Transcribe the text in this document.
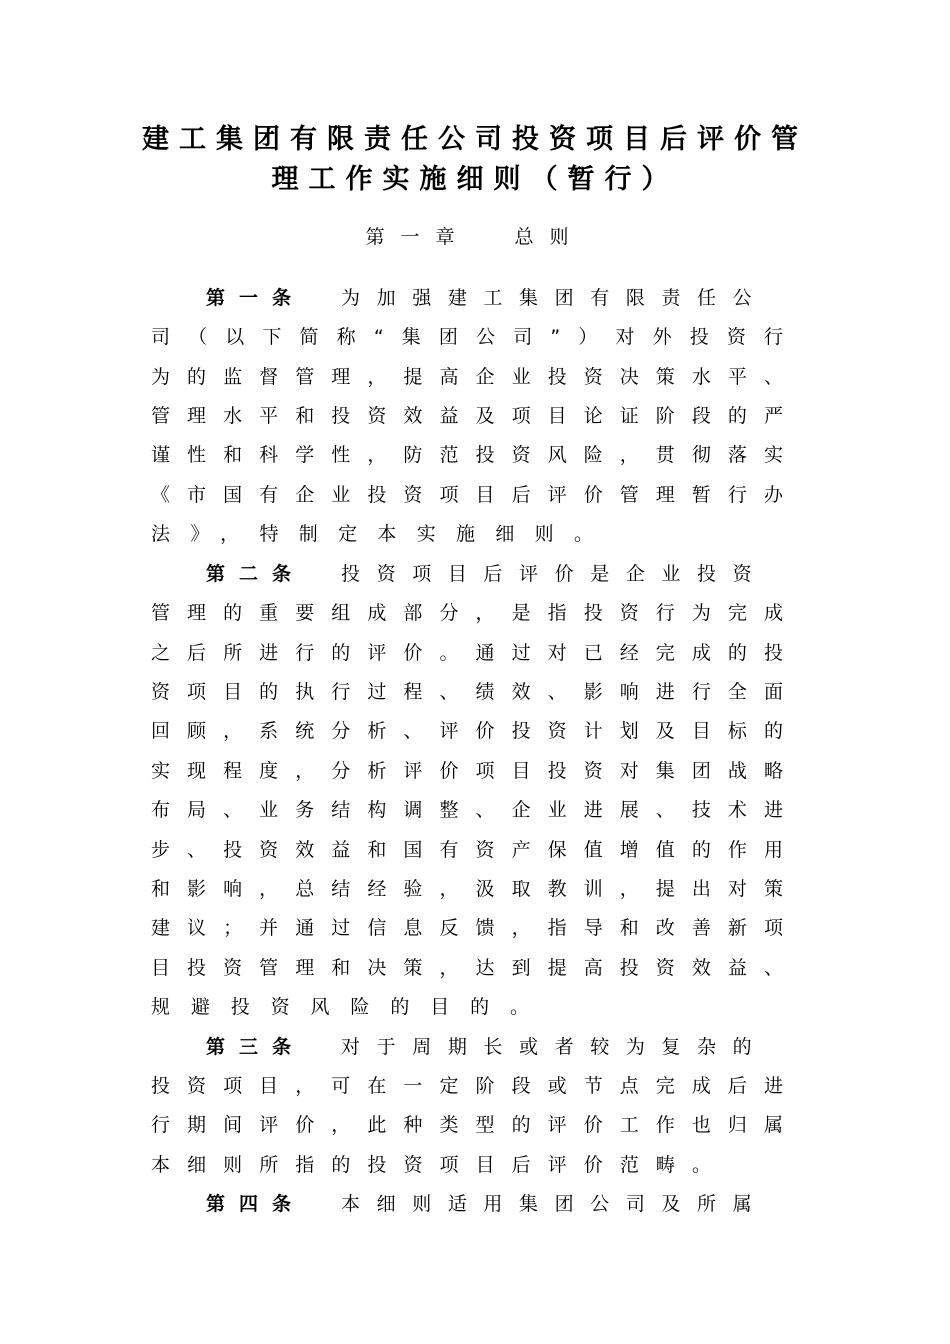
建工集团有限责任公司投资项目后评价管
理工作实施细则（暂行）
第一章 总则
第一条 为加强建工集团有限责任公
司（以下简称“集团公司”）对外投资行
为的监督管理，提高企业投资决策水平、
管理水平和投资效益及项目论证阶段的严
谨性和科学性，防范投资风险，贯彻落实
《市国有企业投资项目后评价管理暂行办
法》，特制定本实施细则。
第二条 投资项目后评价是企业投资
管理的重要组成部分，是指投资行为完成
之后所进行的评价。通过对已经完成的投
资项目的执行过程、绩效、影响进行全面
回顾，系统分析、评价投资计划及目标的
实现程度，分析评价项目投资对集团战略
布局、业务结构调整、企业进展、技术进
步、投资效益和国有资产保值增值的作用
和影响，总结经验，汲取教训，提出对策
建议；并通过信息反馈，指导和改善新项
目投资管理和决策，达到提高投资效益、
规避投资风险的目的。
第三条 对于周期长或者较为复杂的
投资项目，可在一定阶段或节点完成后进
行期间评价，此种类型的评价工作也归属
本细则所指的投资项目后评价范畴。
第四条 本细则适用集团公司及所属
